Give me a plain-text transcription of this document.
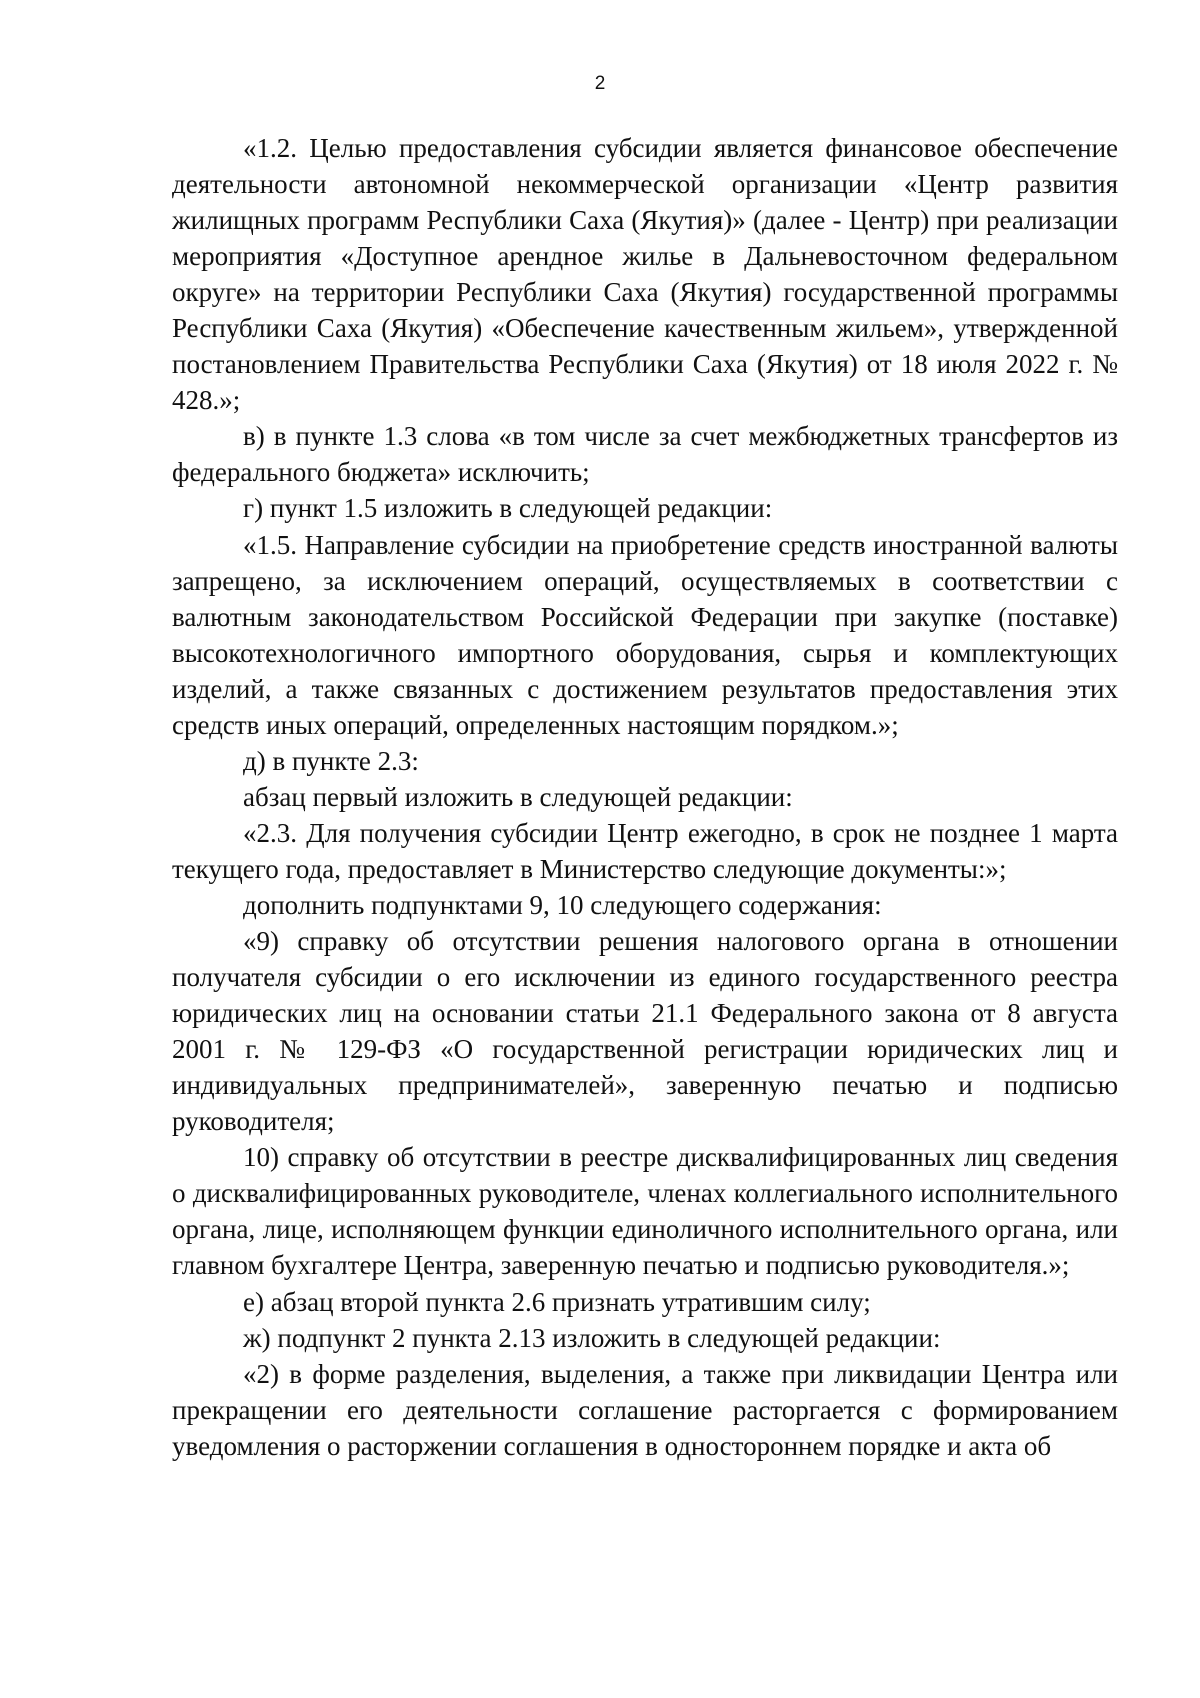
2

«1.2. Целью предоставления субсидии является финансовое обеспечение деятельности автономной некоммерческой организации «Центр развития жилищных программ Республики Саха (Якутия)» (далее - Центр) при реализации мероприятия «Доступное арендное жилье в Дальневосточном федеральном округе» на территории Республики Саха (Якутия) государственной программы Республики Саха (Якутия) «Обеспечение качественным жильем», утвержденной постановлением Правительства Республики Саха (Якутия) от 18 июля 2022 г. № 428.»;

в) в пункте 1.3 слова «в том числе за счет межбюджетных трансфертов из федерального бюджета» исключить;

г) пункт 1.5 изложить в следующей редакции:

«1.5. Направление субсидии на приобретение средств иностранной валюты запрещено, за исключением операций, осуществляемых в соответствии с валютным законодательством Российской Федерации при закупке (поставке) высокотехнологичного импортного оборудования, сырья и комплектующих изделий, а также связанных с достижением результатов предоставления этих средств иных операций, определенных настоящим порядком.»;

д) в пункте 2.3:

абзац первый изложить в следующей редакции:

«2.3. Для получения субсидии Центр ежегодно, в срок не позднее 1 марта текущего года, предоставляет в Министерство следующие документы:»;

дополнить подпунктами 9, 10 следующего содержания:

«9) справку об отсутствии решения налогового органа в отношении получателя субсидии о его исключении из единого государственного реестра юридических лиц на основании статьи 21.1 Федерального закона от 8 августа 2001 г. № 129-ФЗ «О государственной регистрации юридических лиц и индивидуальных предпринимателей», заверенную печатью и подписью руководителя;

10) справку об отсутствии в реестре дисквалифицированных лиц сведения о дисквалифицированных руководителе, членах коллегиального исполнительного органа, лице, исполняющем функции единоличного исполнительного органа, или главном бухгалтере Центра, заверенную печатью и подписью руководителя.»;

е) абзац второй пункта 2.6 признать утратившим силу;

ж) подпункт 2 пункта 2.13 изложить в следующей редакции:

«2) в форме разделения, выделения, а также при ликвидации Центра или прекращении его деятельности соглашение расторгается с формированием уведомления о расторжении соглашения в одностороннем порядке и акта об
